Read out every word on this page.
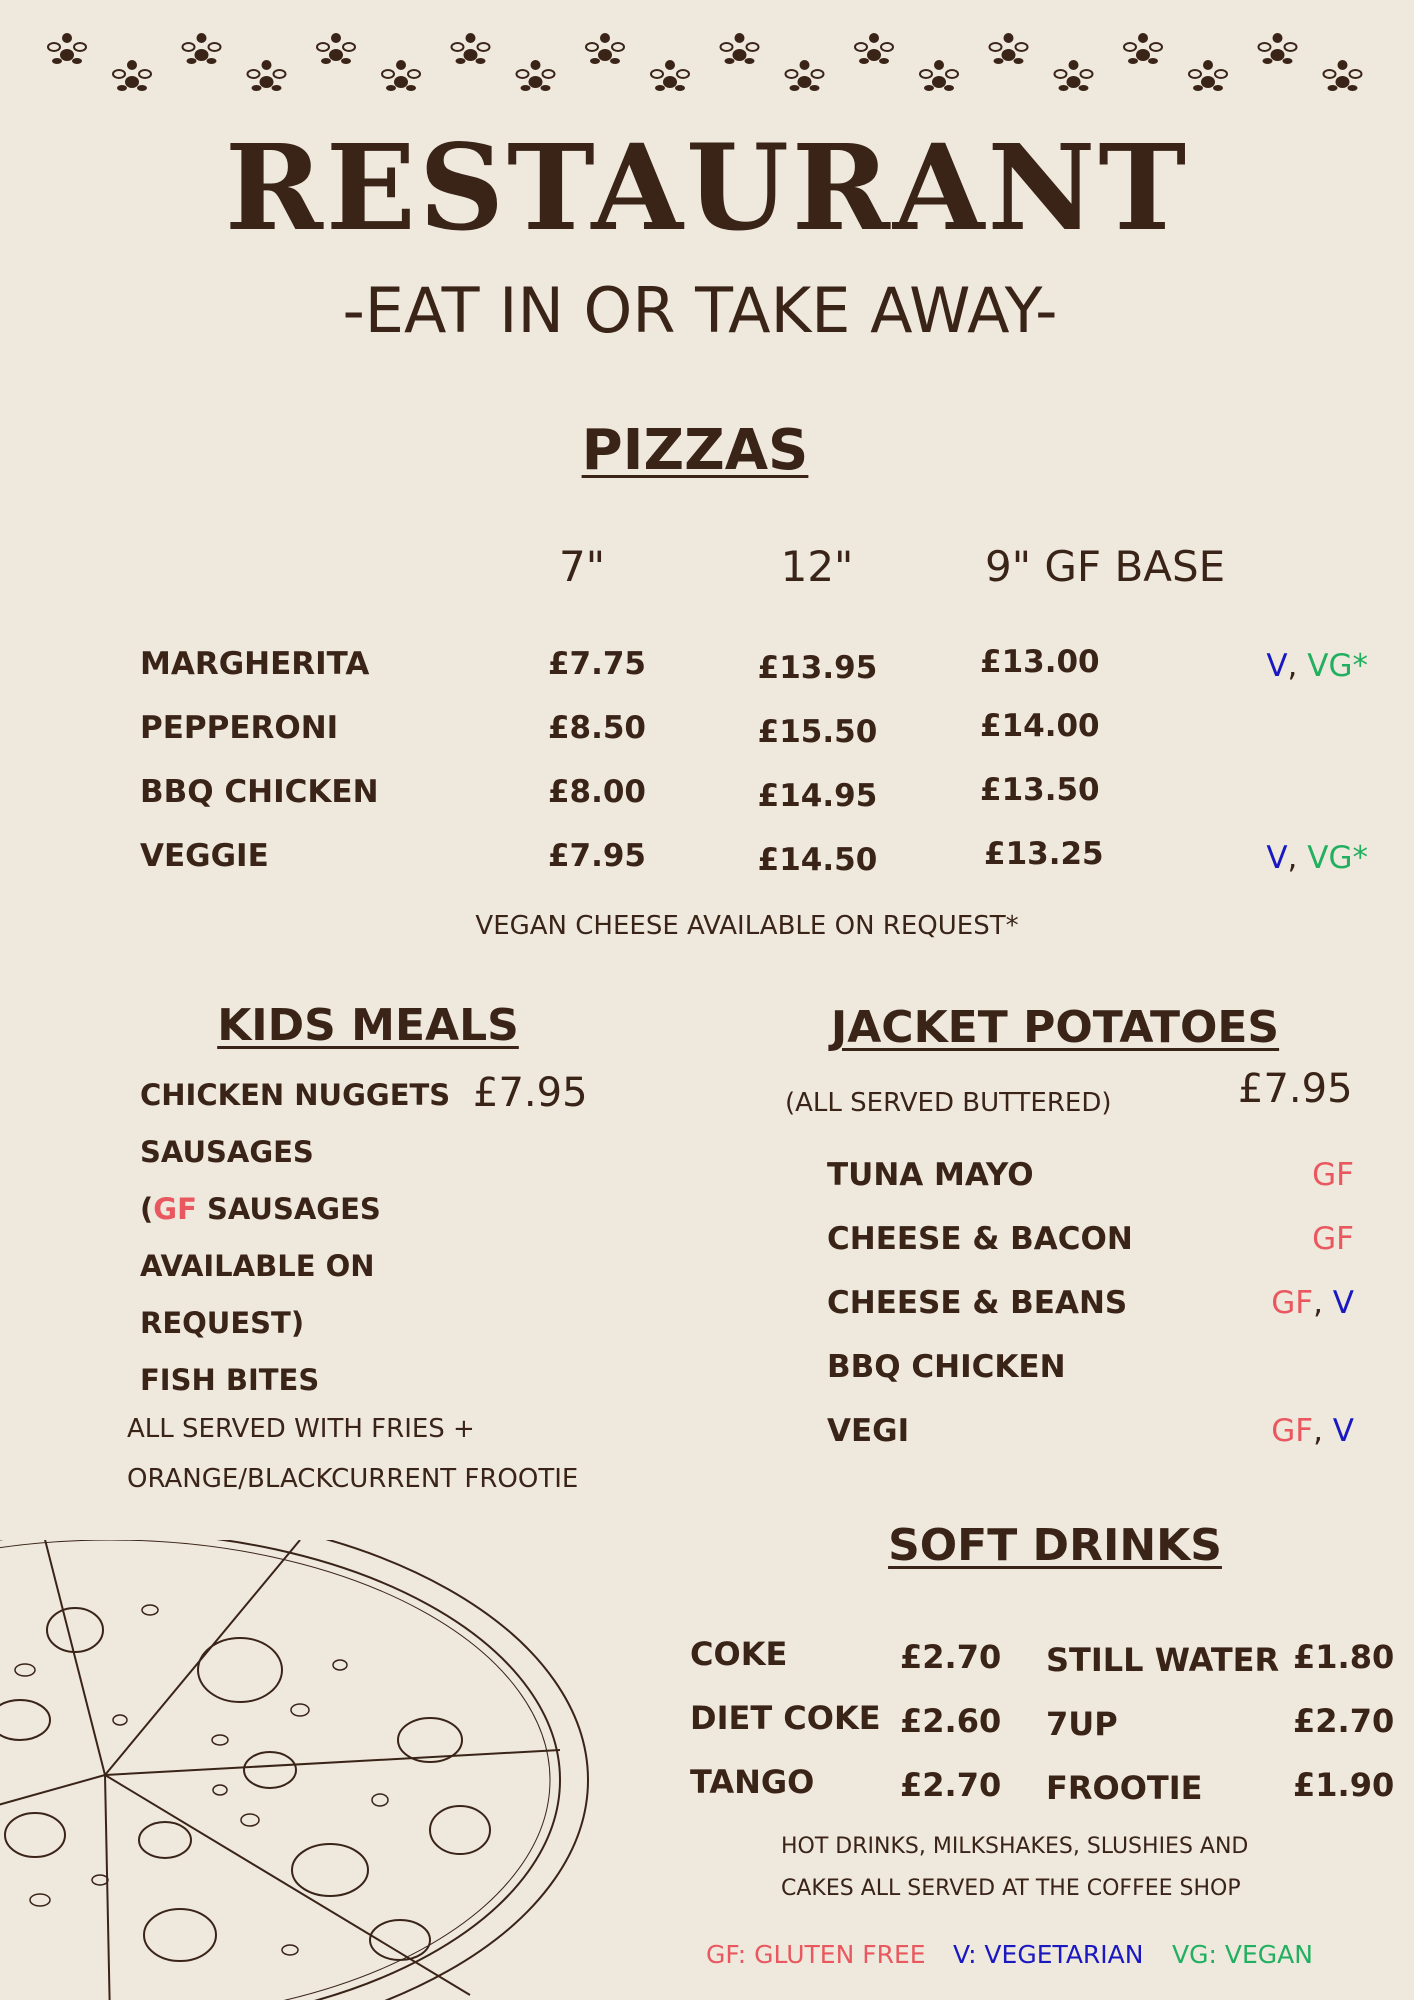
RESTAURANT
-EAT IN OR TAKE AWAY-
PIZZAS
7"	12"	9" GF BASE
MARGHERITA	£7.75	£13.95	£13.00	V, VG*
PEPPERONI	£8.50	£15.50	£14.00
BBQ CHICKEN	£8.00	£14.95	£13.50
VEGGIE	£7.95	£14.50	£13.25	V, VG*
VEGAN CHEESE AVAILABLE ON REQUEST*
KIDS MEALS
CHICKEN NUGGETS £7.95
SAUSAGES
(GF SAUSAGES
AVAILABLE ON
REQUEST)
FISH BITES
ALL SERVED WITH FRIES +
ORANGE/BLACKCURRENT FROOTIE
JACKET POTATOES
(ALL SERVED BUTTERED)	£7.95
TUNA MAYO	GF
CHEESE & BACON	GF
CHEESE & BEANS	GF, V
BBQ CHICKEN
VEGI	GF, V
SOFT DRINKS
COKE	£2.70
DIET COKE £2.60
TANGO	£2.70
STILL WATER £1.80
7UP	£2.70
FROOTIE	£1.90
HOT DRINKS, MILKSHAKES, SLUSHIES AND
CAKES ALL SERVED AT THE COFFEE SHOP
GF: GLUTEN FREE V: VEGETARIAN VG: VEGAN
